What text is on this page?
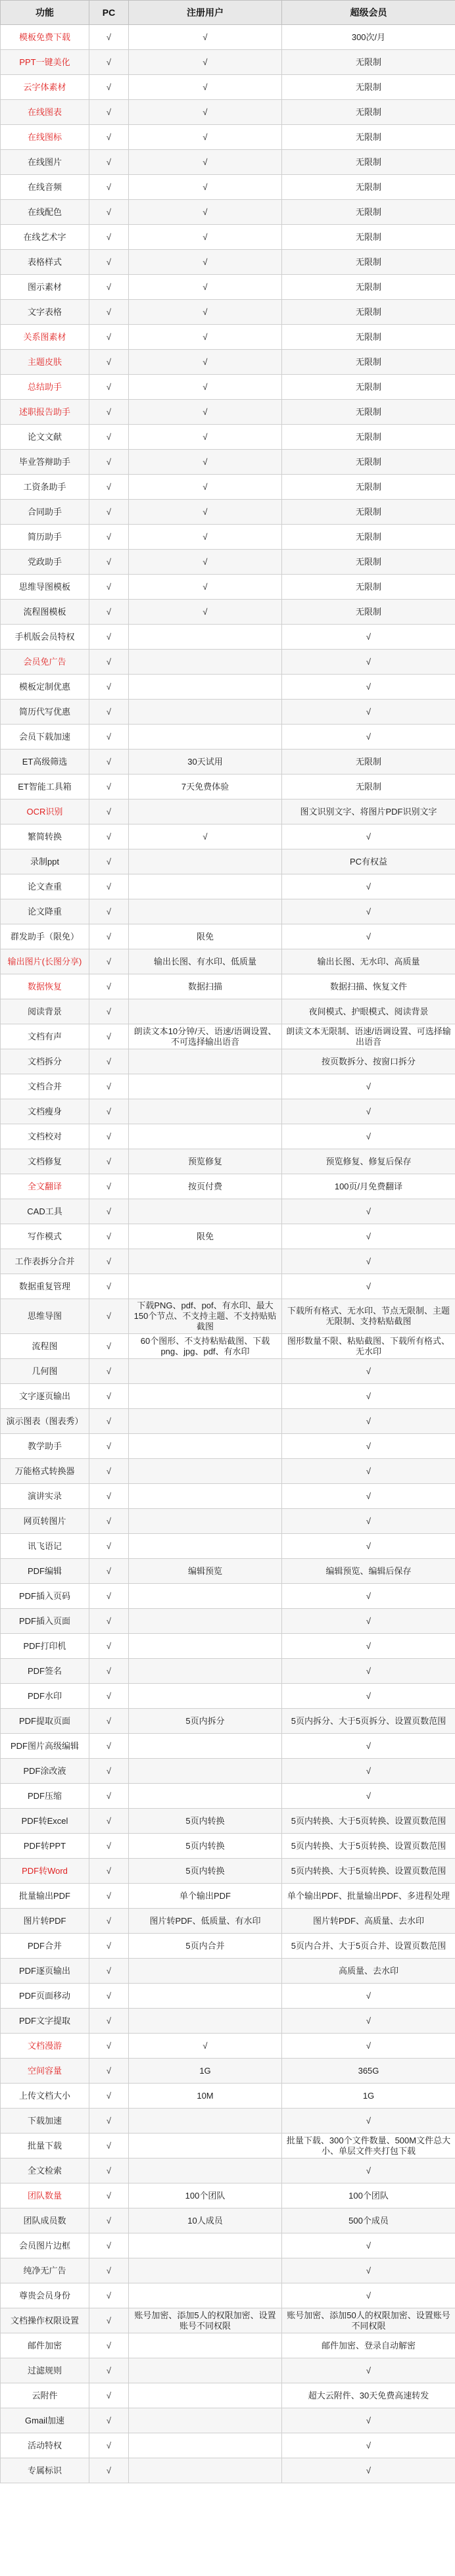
功能	PC	注册用户	超级会员
模板免费下载	√	√	300次/月
PPT一键美化	√	√	无限制
云字体素材	√	√	无限制
在线图表	√	√	无限制
在线图标	√	√	无限制
在线图片	√	√	无限制
在线音频	√	√	无限制
在线配色	√	√	无限制
在线艺术字	√	√	无限制
表格样式	√	√	无限制
图示素材	√	√	无限制
文字表格	√	√	无限制
关系图素材	√	√	无限制
主题皮肤	√	√	无限制
总结助手	√	√	无限制
述职报告助手	√	√	无限制
论文文献	√	√	无限制
毕业答辩助手	√	√	无限制
工资条助手	√	√	无限制
合同助手	√	√	无限制
简历助手	√	√	无限制
党政助手	√	√	无限制
思维导图模板	√	√	无限制
流程图模板	√	√	无限制
手机版会员特权	√		√
会员免广告	√		√
模板定制优惠	√		√
简历代写优惠	√		√
会员下载加速	√		√
ET高级筛选	√	30天试用	无限制
ET智能工具箱	√	7天免费体验	无限制
OCR识别	√		图文识别文字、将图片PDF识别文字
繁简转换	√	√	√
录制ppt	√		PC有权益
论文查重	√		√
论文降重	√		√
群发助手（限免）	√	限免	√
输出图片(长图分享)	√	输出长图、有水印、低质量	输出长图、无水印、高质量
数据恢复	√	数据扫描	数据扫描、恢复文件
阅读背景	√		夜间模式、护眼模式、阅读背景
文档有声	√	朗读文本10分钟/天、语速/语调设置、不可选择输出语音	朗读文本无限制、语速/语调设置、可选择输出语音
文档拆分	√		按页数拆分、按窗口拆分
文档合并	√		√
文档瘦身	√		√
文档校对	√		√
文档修复	√	预览修复	预览修复、修复后保存
全文翻译	√	按页付费	100页/月免费翻译
CAD工具	√		√
写作模式	√	限免	√
工作表拆分合并	√		√
数据重复管理	√		√
思维导图	√	下载PNG、pdf、pof、有水印、最大150个节点、不支持主题、不支持贴贴截图	下载所有格式、无水印、节点无限制、主题无限制、支持粘贴截图
流程图	√	60个图形、不支持粘贴截图、下载png、jpg、pdf、有水印	图形数量不限、粘贴截图、下载所有格式、无水印
几何图	√		√
文字逐页输出	√		√
演示图表（图表秀）	√		√
教学助手	√		√
万能格式转换器	√		√
演讲实录	√		√
网页转图片	√		√
讯飞语记	√		√
PDF编辑	√	编辑预览	编辑预览、编辑后保存
PDF插入页码	√		√
PDF插入页面	√		√
PDF打印机	√		√
PDF签名	√		√
PDF水印	√		√
PDF提取页面	√	5页内拆分	5页内拆分、大于5页拆分、设置页数范围
PDF图片高级编辑	√		√
PDF涂改液	√		√
PDF压缩	√		√
PDF转Excel	√	5页内转换	5页内转换、大于5页转换、设置页数范围
PDF转PPT	√	5页内转换	5页内转换、大于5页转换、设置页数范围
PDF转Word	√	5页内转换	5页内转换、大于5页转换、设置页数范围
批量输出PDF	√	单个输出PDF	单个输出PDF、批量输出PDF、多进程处理
图片转PDF	√	图片转PDF、低质量、有水印	图片转PDF、高质量、去水印
PDF合并	√	5页内合并	5页内合并、大于5页合并、设置页数范围
PDF逐页输出	√		高质量、去水印
PDF页面移动	√		√
PDF文字提取	√		√
文档漫游	√	√	√
空间容量	√	1G	365G
上传文档大小	√	10M	1G
下载加速	√		√
批量下载	√		批量下载、300个文件数量、500M文件总大小、单层文件夹打包下载
全文检索	√		√
团队数量	√	100个团队	100个团队
团队成员数	√	10人成员	500个成员
会员图片边框	√		√
纯净无广告	√		√
尊贵会员身份	√		√
文档操作权限设置	√	账号加密、添加5人的权限加密、设置账号不同权限	账号加密、添加50人的权限加密、设置账号不同权限
邮件加密	√		邮件加密、登录自动解密
过滤规则	√		√
云附件	√		超大云附件、30天免费高速转发
Gmail加速	√		√
活动特权	√		√
专属标识	√		√
